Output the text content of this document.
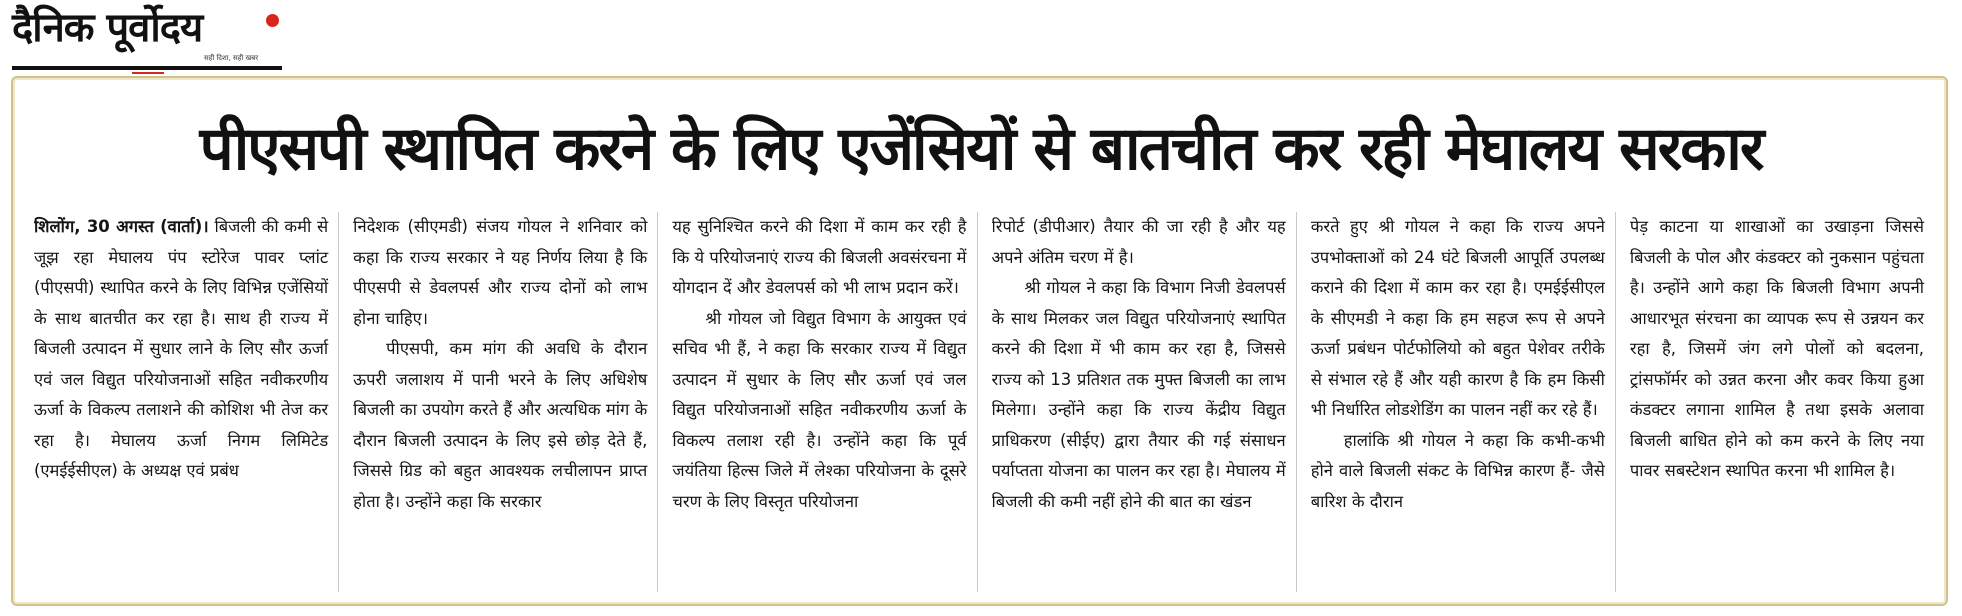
दैनिक पूर्वोदय
सही दिशा, सही खबर
पीएसपी स्थापित करने के लिए एजेंसियों से बातचीत कर रही मेघालय सरकार

शिलोंग, 30 अगस्त (वार्ता)। बिजली की कमी से जूझ रहा मेघालय पंप स्टोरेज पावर प्लांट (पीएसपी) स्थापित करने के लिए विभिन्न एजेंसियों के साथ बातचीत कर रहा है। साथ ही राज्य में बिजली उत्पादन में सुधार लाने के लिए सौर ऊर्जा एवं जल विद्युत परियोजनाओं सहित नवीकरणीय ऊर्जा के विकल्प तलाशने की कोशिश भी तेज कर रहा है। मेघालय ऊर्जा निगम लिमिटेड (एमईईसीएल) के अध्यक्ष एवं प्रबंध

निदेशक (सीएमडी) संजय गोयल ने शनिवार को कहा कि राज्य सरकार ने यह निर्णय लिया है कि पीएसपी से डेवलपर्स और राज्य दोनों को लाभ होना चाहिए।

पीएसपी, कम मांग की अवधि के दौरान ऊपरी जलाशय में पानी भरने के लिए अधिशेष बिजली का उपयोग करते हैं और अत्यधिक मांग के दौरान बिजली उत्पादन के लिए इसे छोड़ देते हैं, जिससे ग्रिड को बहुत आवश्यक लचीलापन प्राप्त होता है। उन्होंने कहा कि सरकार

यह सुनिश्चित करने की दिशा में काम कर रही है कि ये परियोजनाएं राज्य की बिजली अवसंरचना में योगदान दें और डेवलपर्स को भी लाभ प्रदान करें।

श्री गोयल जो विद्युत विभाग के आयुक्त एवं सचिव भी हैं, ने कहा कि सरकार राज्य में विद्युत उत्पादन में सुधार के लिए सौर ऊर्जा एवं जल विद्युत परियोजनाओं सहित नवीकरणीय ऊर्जा के विकल्प तलाश रही है। उन्होंने कहा कि पूर्व जयंतिया हिल्स जिले में लेश्का परियोजना के दूसरे चरण के लिए विस्तृत परियोजना

रिपोर्ट (डीपीआर) तैयार की जा रही है और यह अपने अंतिम चरण में है।

श्री गोयल ने कहा कि विभाग निजी डेवलपर्स के साथ मिलकर जल विद्युत परियोजनाएं स्थापित करने की दिशा में भी काम कर रहा है, जिससे राज्य को 13 प्रतिशत तक मुफ्त बिजली का लाभ मिलेगा। उन्होंने कहा कि राज्य केंद्रीय विद्युत प्राधिकरण (सीईए) द्वारा तैयार की गई संसाधन पर्याप्तता योजना का पालन कर रहा है। मेघालय में बिजली की कमी नहीं होने की बात का खंडन

करते हुए श्री गोयल ने कहा कि राज्य अपने उपभोक्ताओं को 24 घंटे बिजली आपूर्ति उपलब्ध कराने की दिशा में काम कर रहा है। एमईईसीएल के सीएमडी ने कहा कि हम सहज रूप से अपने ऊर्जा प्रबंधन पोर्टफोलियो को बहुत पेशेवर तरीके से संभाल रहे हैं और यही कारण है कि हम किसी भी निर्धारित लोडशेडिंग का पालन नहीं कर रहे हैं।

हालांकि श्री गोयल ने कहा कि कभी-कभी होने वाले बिजली संकट के विभिन्न कारण हैं- जैसे बारिश के दौरान

पेड़ काटना या शाखाओं का उखाड़ना जिससे बिजली के पोल और कंडक्टर को नुकसान पहुंचता है। उन्होंने आगे कहा कि बिजली विभाग अपनी आधारभूत संरचना का व्यापक रूप से उन्नयन कर रहा है, जिसमें जंग लगे पोलों को बदलना, ट्रांसफॉर्मर को उन्नत करना और कवर किया हुआ कंडक्टर लगाना शामिल है तथा इसके अलावा बिजली बाधित होने को कम करने के लिए नया पावर सबस्टेशन स्थापित करना भी शामिल है।
